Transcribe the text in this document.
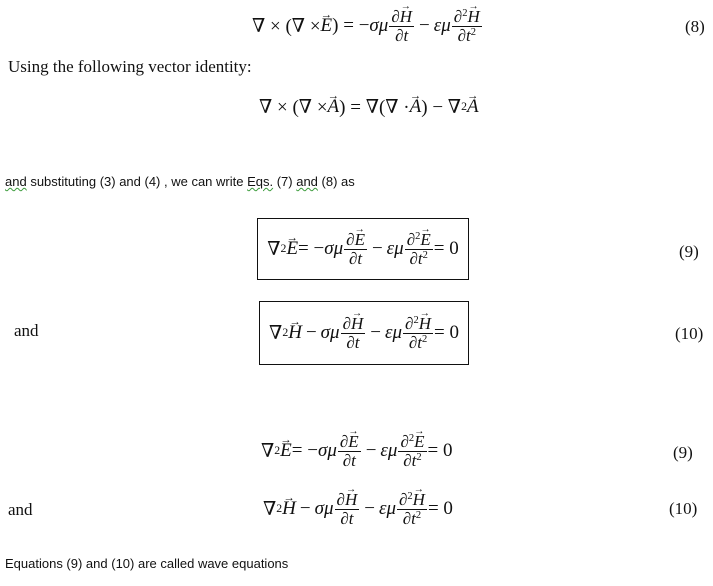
∇ × (∇ × → E ) = − σμ $\frac{\partial\to H}{\partial t} - \varepsilon\mu \frac{\partial^2\to H}{\partial t^2}$	(8)
Using the following vector identity:
∇ × (∇ × → A ) = ∇(∇ · → A ) − ∇ 2 → A
and substituting (3) and (4) , we can write Eqs. (7) and (8) as
∇ 2 → E = − σμ $\frac{\partial\to E}{\partial t} - \varepsilon\mu \frac{\partial^2\to E}{\partial t^2} = 0$	(9)
and	∇ 2 → H − σμ $\frac{\partial\to H}{\partial t} - \varepsilon\mu \frac{\partial^2\to H}{\partial t^2} = 0$	(10)
∇ 2 → E = − σμ $\frac{\partial\to E}{\partial t} - \varepsilon\mu \frac{\partial^2\to E}{\partial t^2} = 0$	(9)
and	∇ 2 → H − σμ $\frac{\partial\to H}{\partial t} - \varepsilon\mu \frac{\partial^2\to H}{\partial t^2} = 0$	(10)
Equations (9) and (10) are called wave equations
